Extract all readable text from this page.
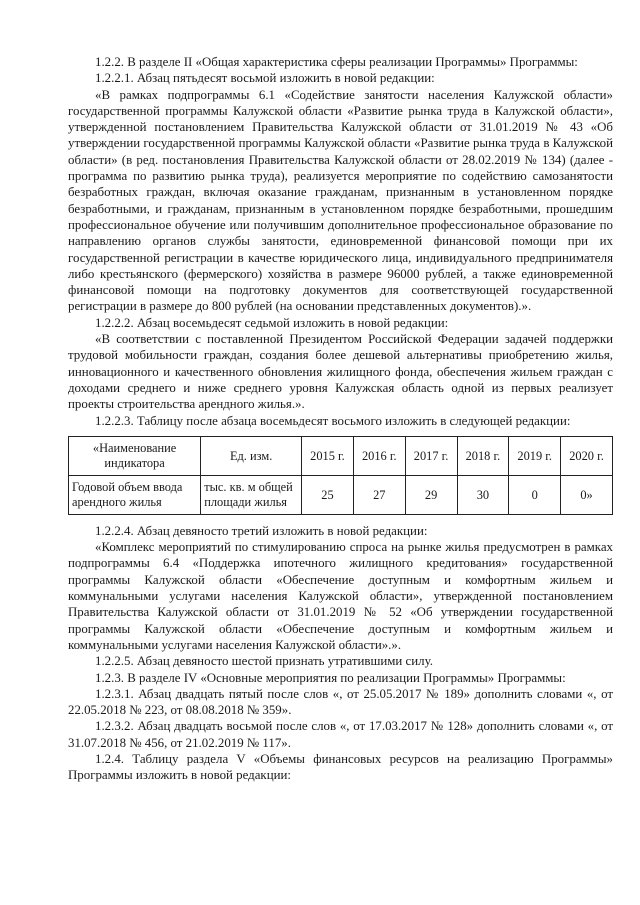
1.2.2. В разделе II «Общая характеристика сферы реализации Программы» Программы:

1.2.2.1. Абзац пятьдесят восьмой изложить в новой редакции:

«В рамках подпрограммы 6.1 «Содействие занятости населения Калужской области» государственной программы Калужской области «Развитие рынка труда в Калужской области», утвержденной постановлением Правительства Калужской области от 31.01.2019 № 43 «Об утверждении государственной программы Калужской области «Развитие рынка труда в Калужской области» (в ред. постановления Правительства Калужской области от 28.02.2019 № 134) (далее - программа по развитию рынка труда), реализуется мероприятие по содействию самозанятости безработных граждан, включая оказание гражданам, признанным в установленном порядке безработными, и гражданам, признанным в установленном порядке безработными, прошедшим профессиональное обучение или получившим дополнительное профессиональное образование по направлению органов службы занятости, единовременной финансовой помощи при их государственной регистрации в качестве юридического лица, индивидуального предпринимателя либо крестьянского (фермерского) хозяйства в размере 96000 рублей, а также единовременной финансовой помощи на подготовку документов для соответствующей государственной регистрации в размере до 800 рублей (на основании представленных документов).».

1.2.2.2. Абзац восемьдесят седьмой изложить в новой редакции:

«В соответствии с поставленной Президентом Российской Федерации задачей поддержки трудовой мобильности граждан, создания более дешевой альтернативы приобретению жилья, инновационного и качественного обновления жилищного фонда, обеспечения жильем граждан с доходами среднего и ниже среднего уровня Калужская область одной из первых реализует проекты строительства арендного жилья.».

1.2.2.3. Таблицу после абзаца восемьдесят восьмого изложить в следующей редакции:

«Наименование индикатора	Ед. изм.	2015 г.	2016 г.	2017 г.	2018 г.	2019 г.	2020 г.
Годовой объем ввода арендного жилья	тыс. кв. м общей площади жилья	25	27	29	30	0	0»

1.2.2.4. Абзац девяносто третий изложить в новой редакции:

«Комплекс мероприятий по стимулированию спроса на рынке жилья предусмотрен в рамках подпрограммы 6.4 «Поддержка ипотечного жилищного кредитования» государственной программы Калужской области «Обеспечение доступным и комфортным жильем и коммунальными услугами населения Калужской области», утвержденной постановлением Правительства Калужской области от 31.01.2019 № 52 «Об утверждении государственной программы Калужской области «Обеспечение доступным и комфортным жильем и коммунальными услугами населения Калужской области».».

1.2.2.5. Абзац девяносто шестой признать утратившими силу.

1.2.3. В разделе IV «Основные мероприятия по реализации Программы» Программы:

1.2.3.1. Абзац двадцать пятый после слов «, от 25.05.2017 № 189» дополнить словами «, от 22.05.2018 № 223, от 08.08.2018 № 359».

1.2.3.2. Абзац двадцать восьмой после слов «, от 17.03.2017 № 128» дополнить словами «, от 31.07.2018 № 456, от 21.02.2019 № 117».

1.2.4. Таблицу раздела V «Объемы финансовых ресурсов на реализацию Программы» Программы изложить в новой редакции:
